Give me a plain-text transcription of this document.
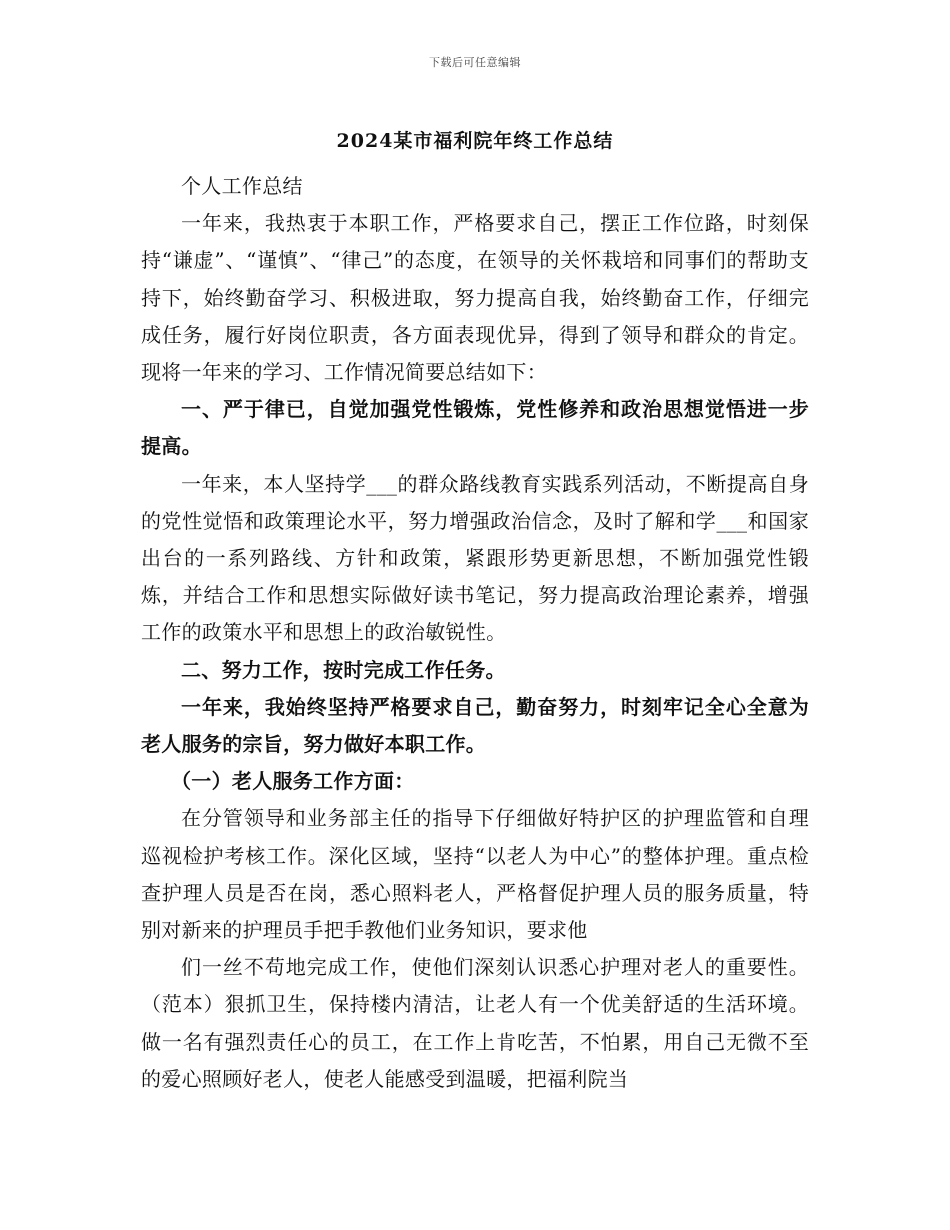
下载后可任意编辑
2024某市福利院年终工作总结

个人工作总结

一年来，我热衷于本职工作，严格要求自己，摆正工作位路，时刻保持“谦虚”、“谨慎”、“律己”的态度，在领导的关怀栽培和同事们的帮助支持下，始终勤奋学习、积极进取，努力提高自我，始终勤奋工作，仔细完成任务，履行好岗位职责，各方面表现优异，得到了领导和群众的肯定。现将一年来的学习、工作情况简要总结如下：

一、严于律已，自觉加强党性锻炼，党性修养和政治思想觉悟进一步提高。

一年来，本人坚持学___的群众路线教育实践系列活动，不断提高自身的党性觉悟和政策理论水平，努力增强政治信念，及时了解和学___和国家出台的一系列路线、方针和政策，紧跟形势更新思想，不断加强党性锻炼，并结合工作和思想实际做好读书笔记，努力提高政治理论素养，增强工作的政策水平和思想上的政治敏锐性。

二、努力工作，按时完成工作任务。

一年来，我始终坚持严格要求自己，勤奋努力，时刻牢记全心全意为老人服务的宗旨，努力做好本职工作。

（一）老人服务工作方面：

在分管领导和业务部主任的指导下仔细做好特护区的护理监管和自理巡视检护考核工作。深化区域，坚持“以老人为中心”的整体护理。重点检查护理人员是否在岗，悉心照料老人，严格督促护理人员的服务质量，特别对新来的护理员手把手教他们业务知识，要求他

们一丝不苟地完成工作，使他们深刻认识悉心护理对老人的重要性。（范本）狠抓卫生，保持楼内清洁，让老人有一个优美舒适的生活环境。做一名有强烈责任心的员工，在工作上肯吃苦，不怕累，用自己无微不至的爱心照顾好老人，使老人能感受到温暖，把福利院当
